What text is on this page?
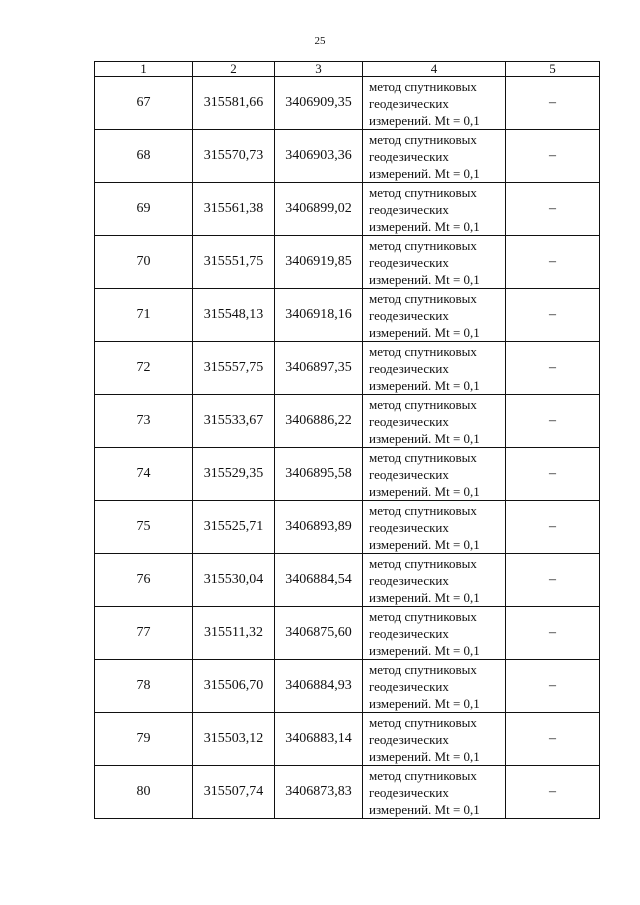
25
1	2	3	4	5
67	315581,66	3406909,35	метод спутниковых
геодезических
измерений. Mt = 0,1	–
68	315570,73	3406903,36	метод спутниковых
геодезических
измерений. Mt = 0,1	–
69	315561,38	3406899,02	метод спутниковых
геодезических
измерений. Mt = 0,1	–
70	315551,75	3406919,85	метод спутниковых
геодезических
измерений. Mt = 0,1	–
71	315548,13	3406918,16	метод спутниковых
геодезических
измерений. Mt = 0,1	–
72	315557,75	3406897,35	метод спутниковых
геодезических
измерений. Mt = 0,1	–
73	315533,67	3406886,22	метод спутниковых
геодезических
измерений. Mt = 0,1	–
74	315529,35	3406895,58	метод спутниковых
геодезических
измерений. Mt = 0,1	–
75	315525,71	3406893,89	метод спутниковых
геодезических
измерений. Mt = 0,1	–
76	315530,04	3406884,54	метод спутниковых
геодезических
измерений. Mt = 0,1	–
77	315511,32	3406875,60	метод спутниковых
геодезических
измерений. Mt = 0,1	–
78	315506,70	3406884,93	метод спутниковых
геодезических
измерений. Mt = 0,1	–
79	315503,12	3406883,14	метод спутниковых
геодезических
измерений. Mt = 0,1	–
80	315507,74	3406873,83	метод спутниковых
геодезических
измерений. Mt = 0,1	–
